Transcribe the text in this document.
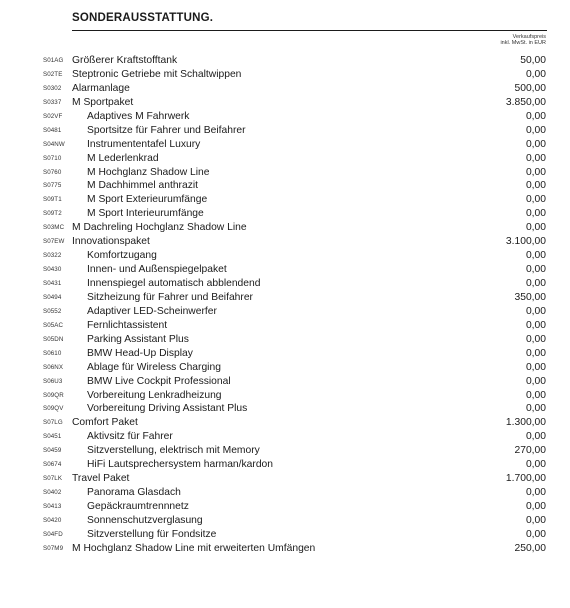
SONDERAUSSTATTUNG.
Verkaufspreis
inkl. MwSt. in EUR
S01AG Größerer Kraftstofftank	50,00
S02TE Steptronic Getriebe mit Schaltwippen	0,00
S0302 Alarmanlage	500,00
S0337 M Sportpaket	3.850,00
S02VF Adaptives M Fahrwerk	0,00
S0481 Sportsitze für Fahrer und Beifahrer	0,00
S04NW Instrumententafel Luxury	0,00
S0710 M Lederlenkrad	0,00
S0760 M Hochglanz Shadow Line	0,00
S0775 M Dachhimmel anthrazit	0,00
S09T1 M Sport Exterieurumfänge	0,00
S09T2 M Sport Interieurumfänge	0,00
S03MC M Dachreling Hochglanz Shadow Line	0,00
S07EW Innovationspaket	3.100,00
S0322 Komfortzugang	0,00
S0430 Innen- und Außenspiegelpaket	0,00
S0431 Innenspiegel automatisch abblendend	0,00
S0494 Sitzheizung für Fahrer und Beifahrer	350,00
S0552 Adaptiver LED-Scheinwerfer	0,00
S05AC Fernlichtassistent	0,00
S05DN Parking Assistant Plus	0,00
S0610 BMW Head-Up Display	0,00
S06NX Ablage für Wireless Charging	0,00
S06U3 BMW Live Cockpit Professional	0,00
S09QR Vorbereitung Lenkradheizung	0,00
S09QV Vorbereitung Driving Assistant Plus	0,00
S07LG Comfort Paket	1.300,00
S0451 Aktivsitz für Fahrer	0,00
S0459 Sitzverstellung, elektrisch mit Memory	270,00
S0674 HiFi Lautsprechersystem harman/kardon	0,00
S07LK Travel Paket	1.700,00
S0402 Panorama Glasdach	0,00
S0413 Gepäckraumtrennnetz	0,00
S0420 Sonnenschutzverglasung	0,00
S04FD Sitzverstellung für Fondsitze	0,00
S07M9 M Hochglanz Shadow Line mit erweiterten Umfängen	250,00
